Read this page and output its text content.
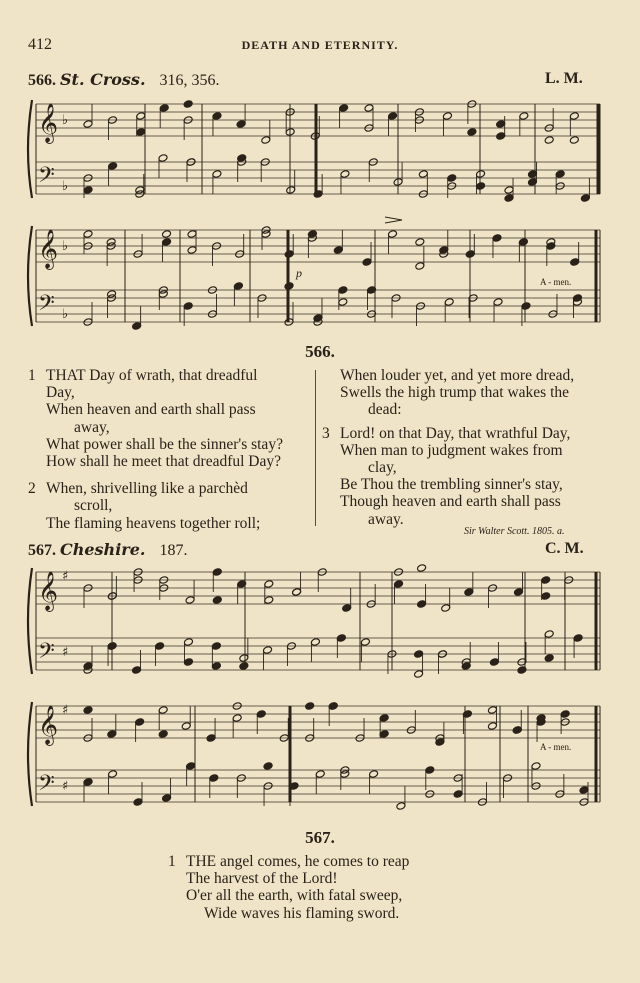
412	DEATH AND ETERNITY.
566. St. Cross. 316, 356.	L. M.
𝄞
𝄢
𝄞
𝄢
𝄞
𝄢
𝄞
𝄢
♭
♭
♭
♭
♯
♯
♯
♯
p
A - men.
A - men.
566.
1 THAT Day of wrath, that dreadful
Day,
When heaven and earth shall pass
away,
What power shall be the sinner's stay?
How shall he meet that dreadful Day?
2 When, shrivelling like a parchèd
scroll,
The flaming heavens together roll;
When louder yet, and yet more dread,
Swells the high trump that wakes the
dead:
3 Lord! on that Day, that wrathful Day,
When man to judgment wakes from
clay,
Be Thou the trembling sinner's stay,
Though heaven and earth shall pass
away.
Sir Walter Scott. 1805. a.
567. Cheshire. 187.	C. M.
567.
1 THE angel comes, he comes to reap
The harvest of the Lord!
O'er all the earth, with fatal sweep,
Wide waves his flaming sword.
